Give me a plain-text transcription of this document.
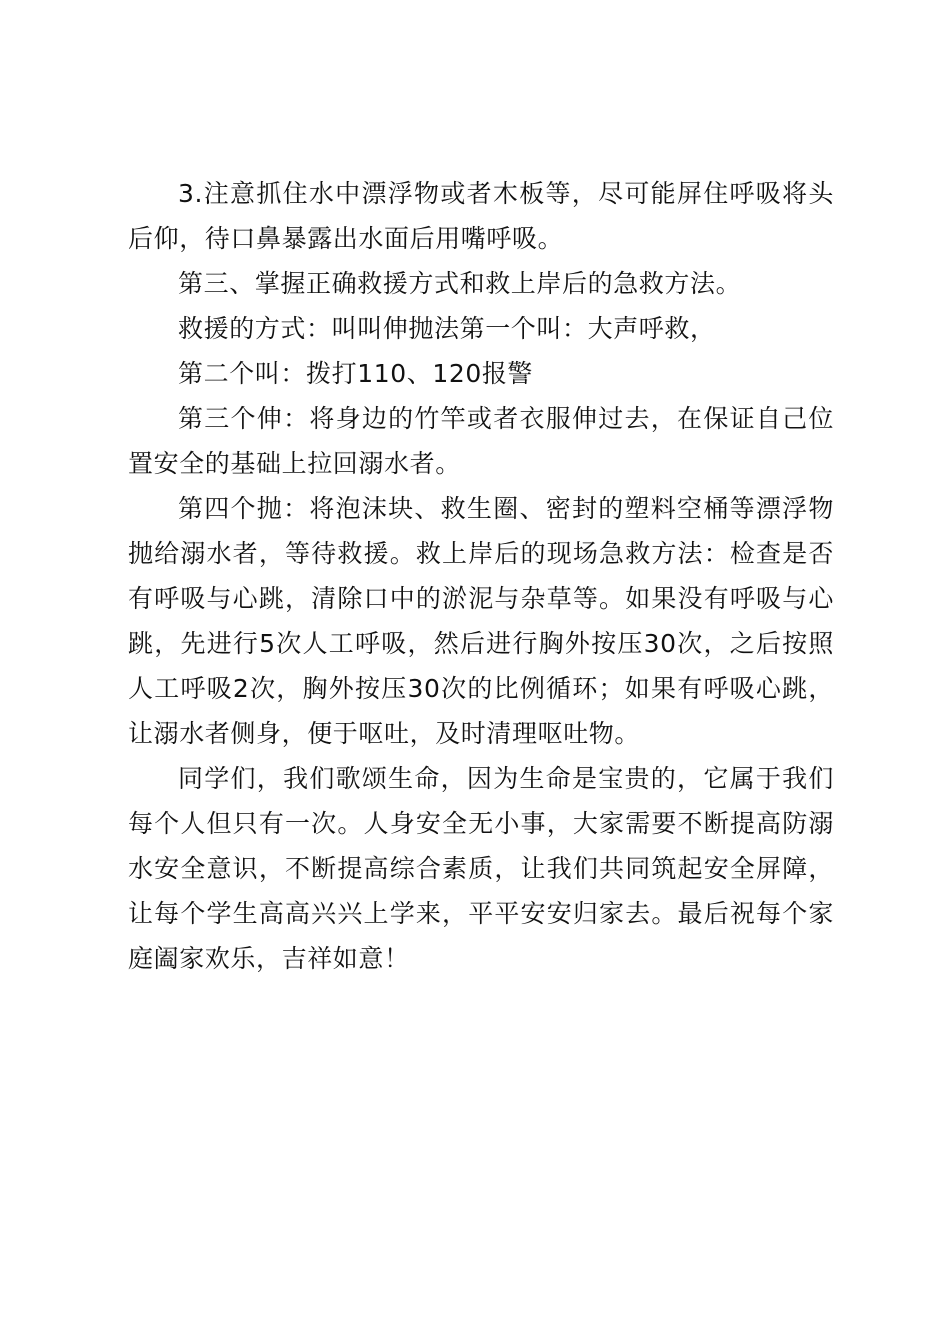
3.注意抓住水中漂浮物或者木板等，尽可能屏住呼吸将头后仰，待口鼻暴露出水面后用嘴呼吸。

第三、掌握正确救援方式和救上岸后的急救方法。

救援的方式：叫叫伸抛法第一个叫：大声呼救，

第二个叫：拨打110、120报警

第三个伸：将身边的竹竿或者衣服伸过去，在保证自己位置安全的基础上拉回溺水者。

第四个抛：将泡沫块、救生圈、密封的塑料空桶等漂浮物抛给溺水者，等待救援。救上岸后的现场急救方法：检查是否有呼吸与心跳，清除口中的淤泥与杂草等。如果没有呼吸与心跳，先进行5次人工呼吸，然后进行胸外按压30次，之后按照人工呼吸2次，胸外按压30次的比例循环；如果有呼吸心跳，让溺水者侧身，便于呕吐，及时清理呕吐物。

同学们，我们歌颂生命，因为生命是宝贵的，它属于我们每个人但只有一次。人身安全无小事，大家需要不断提高防溺水安全意识，不断提高综合素质，让我们共同筑起安全屏障，让每个学生高高兴兴上学来，平平安安归家去。最后祝每个家庭阖家欢乐，吉祥如意！
